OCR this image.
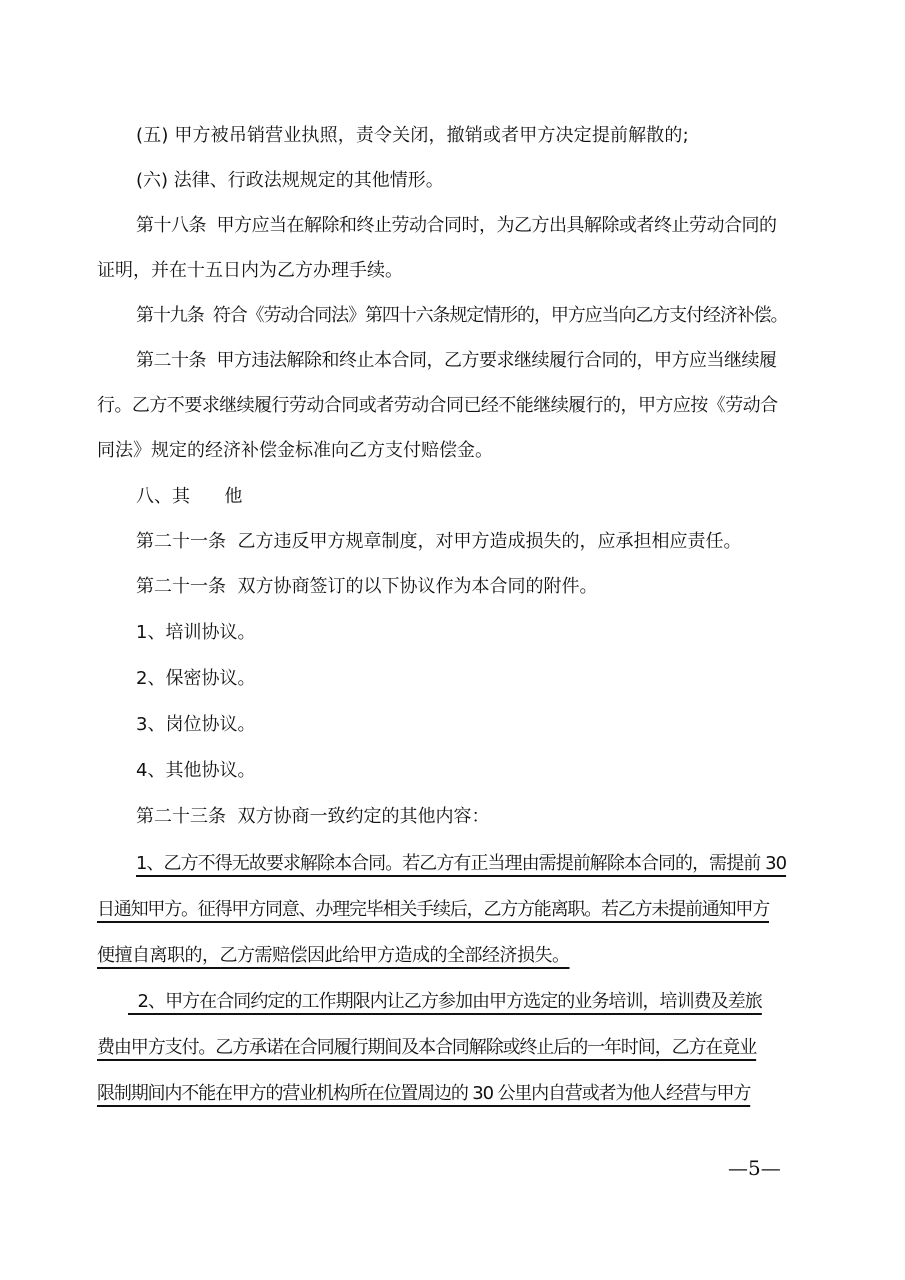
(五) 甲方被吊销营业执照，责令关闭，撤销或者甲方决定提前解散的;

(六) 法律、行政法规规定的其他情形。

第十八条  甲方应当在解除和终止劳动合同时，为乙方出具解除或者终止劳动合同的

证明，并在十五日内为乙方办理手续。

第十九条  符合《劳动合同法》第四十六条规定情形的，甲方应当向乙方支付经济补偿。

第二十条  甲方违法解除和终止本合同，乙方要求继续履行合同的，甲方应当继续履

行。乙方不要求继续履行劳动合同或者劳动合同已经不能继续履行的，甲方应按《劳动合

同法》规定的经济补偿金标准向乙方支付赔偿金。

八、其      他

第二十一条  乙方违反甲方规章制度，对甲方造成损失的，应承担相应责任。

第二十一条  双方协商签订的以下协议作为本合同的附件。

1、培训协议。

2、保密协议。

3、岗位协议。

4、其他协议。

第二十三条  双方协商一致约定的其他内容：

1、乙方不得无故要求解除本合同。若乙方有正当理由需提前解除本合同的，需提前 30

日通知甲方。征得甲方同意、办理完毕相关手续后，乙方方能离职。若乙方未提前通知甲方

便擅自离职的，乙方需赔偿因此给甲方造成的全部经济损失。

2、甲方在合同约定的工作期限内让乙方参加由甲方选定的业务培训，培训费及差旅

费由甲方支付。乙方承诺在合同履行期间及本合同解除或终止后的一年时间，乙方在竟业

限制期间内不能在甲方的营业机构所在位置周边的 30 公里内自营或者为他人经营与甲方

—5—
